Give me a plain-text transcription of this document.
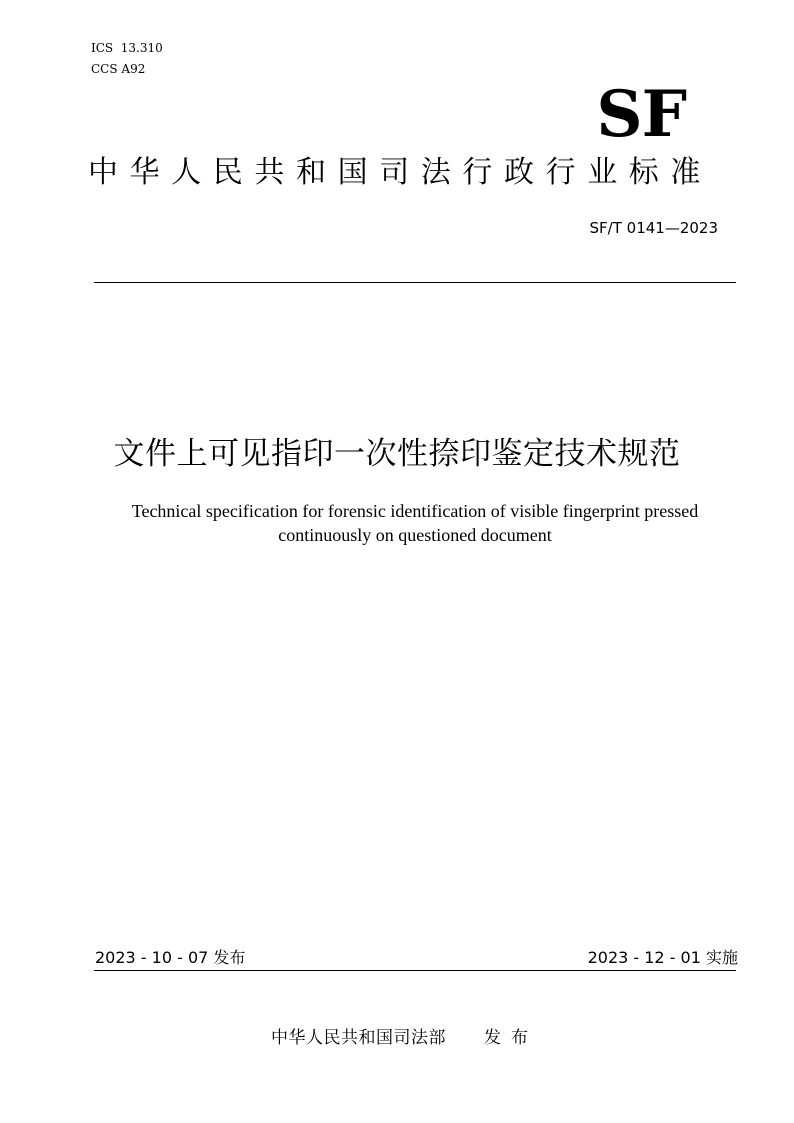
ICS  13.310
CCS A92
SF
中华人民共和国司法行政行业标准
SF/T 0141—2023
文件上可见指印一次性捺印鉴定技术规范
Technical specification for forensic identification of visible fingerprint pressed
continuously on questioned document
2023 - 10 - 07 发布	2023 - 12 - 01 实施
中华人民共和国司法部 发布
